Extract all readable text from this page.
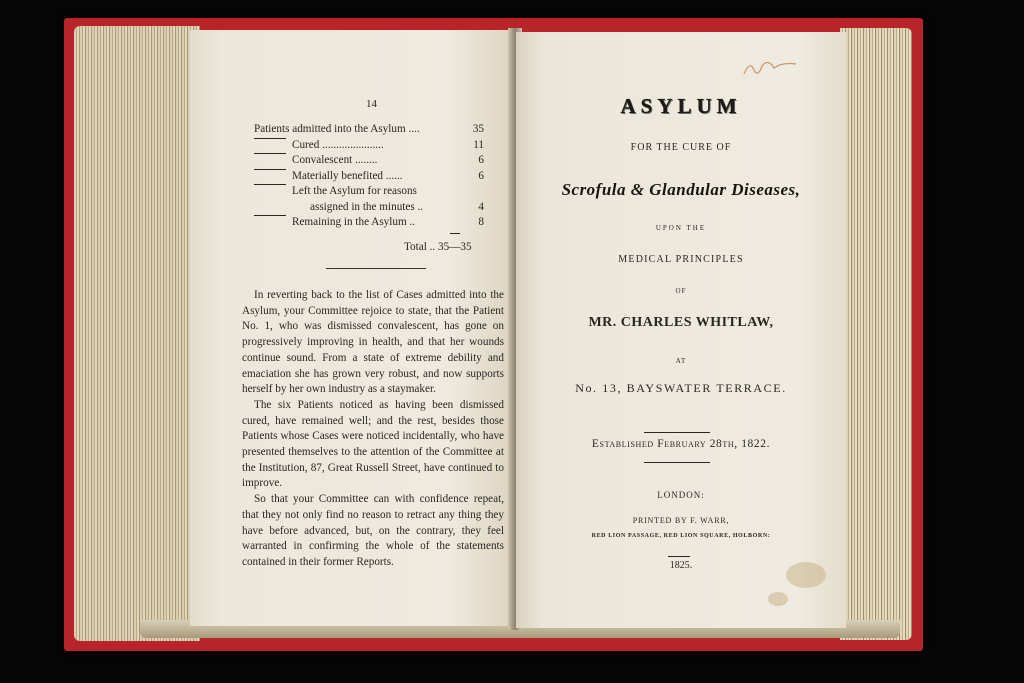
14
Patients admitted into the Asylum ....	35
Cured ......................	11
Convalescent ........	6
Materially benefited ......	6
Left the Asylum for reasons
assigned in the minutes ..	4
Remaining in the Asylum ..	8
Total .. 35—35

In reverting back to the list of Cases admitted into the Asylum, your Committee rejoice to state, that the Patient No. 1, who was dismissed convalescent, has gone on progressively improving in health, and that her wounds continue sound. From a state of extreme debility and emaciation she has grown very robust, and now supports herself by her own industry as a staymaker.

The six Patients noticed as having been dismissed cured, have remained well; and the rest, besides those Patients whose Cases were noticed incidentally, who have presented themselves to the attention of the Committee at the Institution, 87, Great Russell Street, have continued to improve.

So that your Committee can with confidence repeat, that they not only find no reason to retract any thing they have before advanced, but, on the contrary, they feel warranted in confirming the whole of the statements contained in their former Reports.

ASYLUM
FOR THE CURE OF
Scrofula & Glandular Diseases,
UPON THE
MEDICAL PRINCIPLES
OF
MR. CHARLES WHITLAW,
AT
No. 13, BAYSWATER TERRACE.
Established February 28th, 1822.
LONDON:
PRINTED BY F. WARR,
RED LION PASSAGE, RED LION SQUARE, HOLBORN:
1825.
